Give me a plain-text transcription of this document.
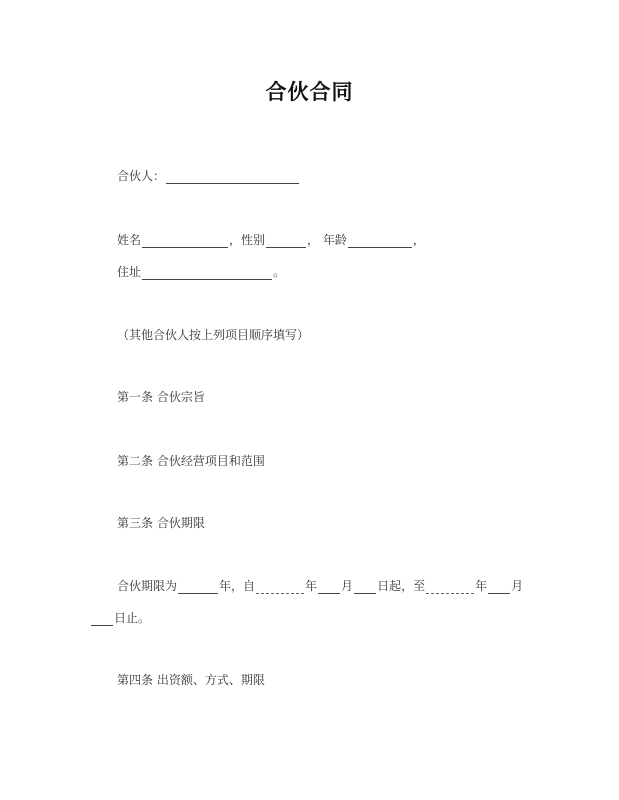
合伙合同
合伙人：
姓名	，性别	， 年龄	，
住址	。
（其他合伙人按上列项目顺序填写）
第一条 合伙宗旨
第二条 合伙经营项目和范围
第三条 合伙期限
合伙期限为	年，自	年 月 日起，至	年 月
日止。
第四条 出资额、方式、期限
